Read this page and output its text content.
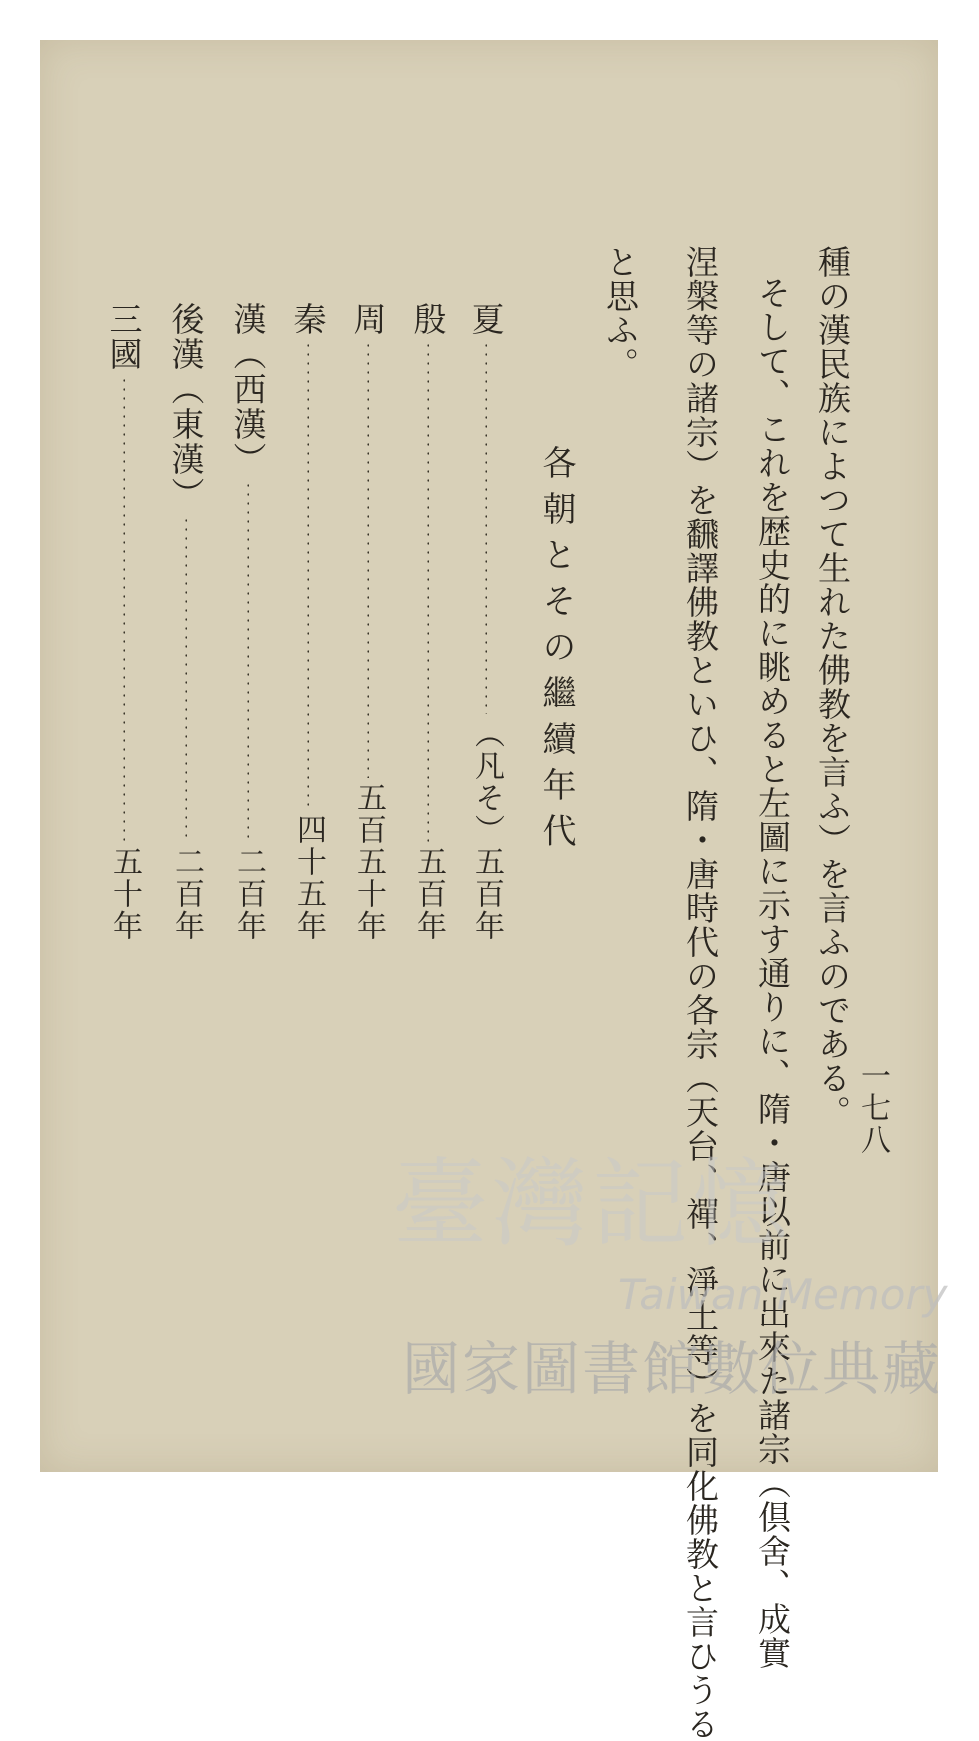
一七八
種の漢民族によつて生れた佛教を言ふ）を言ふのである。
そして、これを歴史的に眺めると左圖に示す通りに、隋・唐以前に出來た諸宗（倶舍、成實
涅槃等の諸宗）を飜譯佛教といひ、隋・唐時代の各宗（天台、禪、淨土等）を同化佛教と言ひうる
と思ふ。
各朝とその繼續年代
夏
（凡そ）五百年
殷
五百年
周
五百五十年
秦
四十五年
漢（西漢）
二百年
後漢（東漢）
二百年
三國
五十年
臺灣記憶
Taiwan Memory
國家圖書館數位典藏
